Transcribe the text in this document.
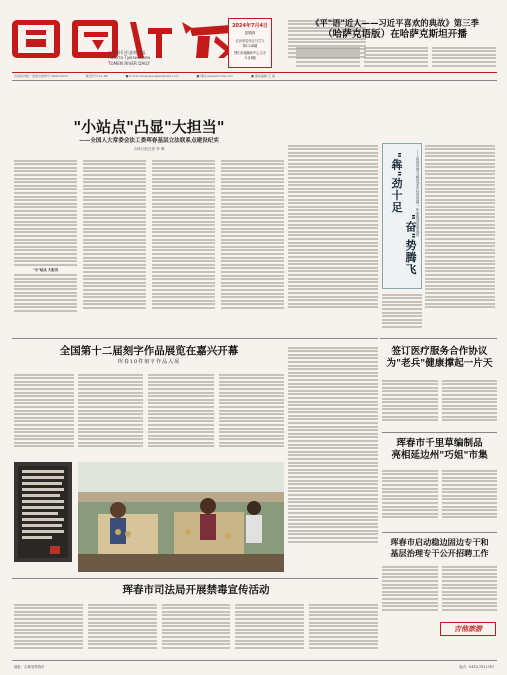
中共图们市委机关报
Газета Тумэньцзян
TUMEN RIVER DAILY
2024年7月4日
星期四
农历甲辰年五月廿九
第1118期
图们市融媒体中心主办
今日8版
吉林省内统一连续出版物号 CN22-0013	邮发代号:11-86	■ E-mail:tumenjiangbao@163.com	■ 网址:www.tmrmw.com	■ 值班编辑:王 丽
《平"语"近人——习近平喜欢的典故》第三季
（哈萨克语版）在哈萨克斯坦开播
"小站点"凸显"大担当"
——全国人大常委会法工委珲春基层立法联系点建设纪实
吉林日报记者 李 琳
"小"站点 大担当
"犇"劲十足
"奋"势腾飞
——珲春市着力推进全市经济发展一年来取得显著成效
全国第十二届刻字作品展览在嘉兴开幕
珲春10件刻字作品入展
签订医疗服务合作协议
为"老兵"健康撑起一片天
珲春市千里草编制品
亮相延边州"巧姐"市集
珲春市启动稳边固边专干和
基层治理专干公开招聘工作
吉他旅游
珲春市司法局开展禁毒宣传活动
地址：吉林省珲春市	电话：0433-7521787
